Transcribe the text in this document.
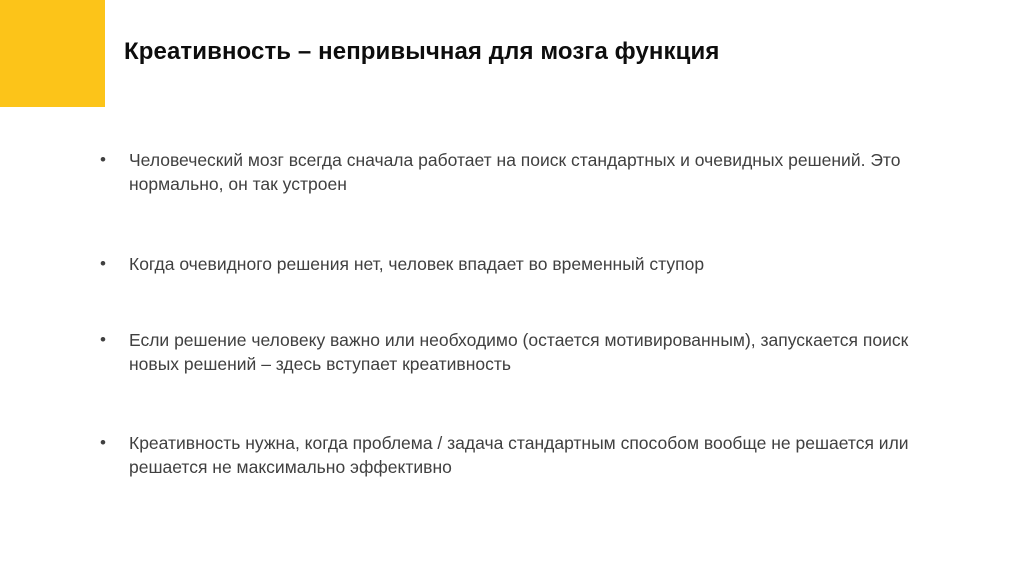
Креативность – непривычная для мозга функция
•	Человеческий мозг всегда сначала работает на поиск стандартных и очевидных решений. Это нормально, он так устроен
•	Когда очевидного решения нет, человек впадает во временный ступор
•	Если решение человеку важно или необходимо (остается мотивированным), запускается поиск новых решений – здесь вступает креативность
•	Креативность нужна, когда проблема / задача стандартным способом вообще не решается или решается не максимально эффективно
